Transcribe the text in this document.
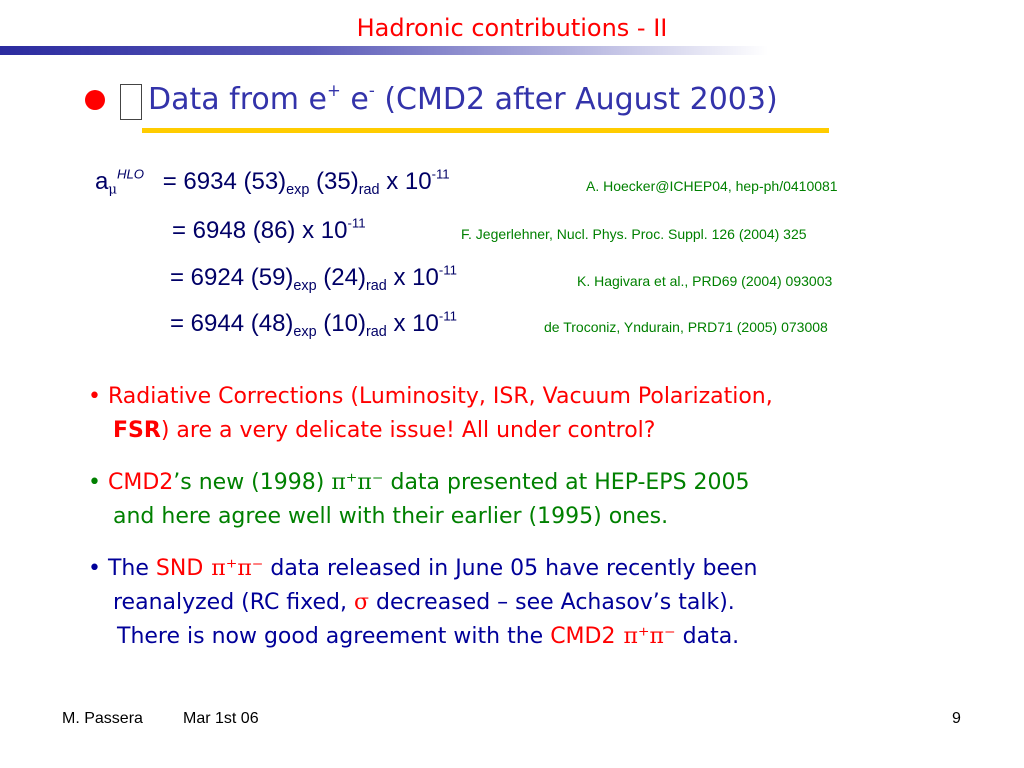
Hadronic contributions - II
Data from e+ e- (CMD2 after August 2003)
$a_\mu^{HLO} = 6934$ $(53)_{exp}$ $(35)_{rad}$ x $10^{-11}$
A. Hoecker@ICHEP04, hep-ph/0410081
= 6948 (86) x $10^{-11}$
F. Jegerlehner, Nucl. Phys. Proc. Suppl. 126 (2004) 325
= 6924 $(59)_{exp}$ $(24)_{rad}$ x $10^{-11}$
K. Hagivara et al., PRD69 (2004) 093003
= 6944 $(48)_{exp}$ $(10)_{rad}$ x $10^{-11}$
de Troconiz, Yndurain, PRD71 (2005) 073008
• Radiative Corrections (Luminosity, ISR, Vacuum Polarization,
FSR) are a very delicate issue! All under control?
• CMD2’s new (1998) π⁺π⁻ data presented at HEP-EPS 2005
and here agree well with their earlier (1995) ones.
• The SND π⁺π⁻ data released in June 05 have recently been
reanalyzed (RC fixed, σ decreased – see Achasov’s talk).
There is now good agreement with the CMD2 π⁺π⁻ data.
M. Passera	Mar 1st 06	9
